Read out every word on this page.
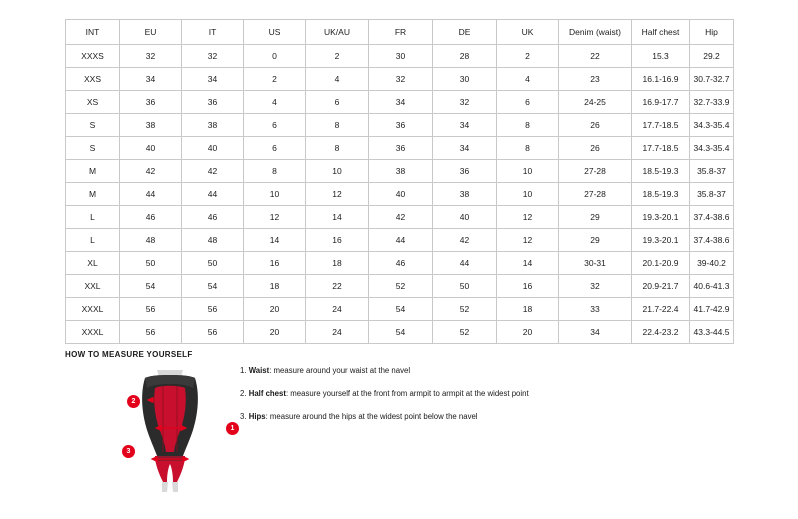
INT	EU	IT	US	UK/AU	FR	DE	UK	Denim (waist)	Half chest	Hip
XXXS	32	32	0	2	30	28	2	22	15.3	29.2
XXS	34	34	2	4	32	30	4	23	16.1-16.9	30.7-32.7
XS	36	36	4	6	34	32	6	24-25	16.9-17.7	32.7-33.9
S	38	38	6	8	36	34	8	26	17.7-18.5	34.3-35.4
S	40	40	6	8	36	34	8	26	17.7-18.5	34.3-35.4
M	42	42	8	10	38	36	10	27-28	18.5-19.3	35.8-37
M	44	44	10	12	40	38	10	27-28	18.5-19.3	35.8-37
L	46	46	12	14	42	40	12	29	19.3-20.1	37.4-38.6
L	48	48	14	16	44	42	12	29	19.3-20.1	37.4-38.6
XL	50	50	16	18	46	44	14	30-31	20.1-20.9	39-40.2
XXL	54	54	18	22	52	50	16	32	20.9-21.7	40.6-41.3
XXXL	56	56	20	24	54	52	18	33	21.7-22.4	41.7-42.9
XXXL	56	56	20	24	54	52	20	34	22.4-23.2	43.3-44.5
HOW TO MEASURE YOURSELF
1
2
3

1. Waist: measure around your waist at the navel

2. Half chest: measure yourself at the front from armpit to armpit at the widest point

3. Hips: measure around the hips at the widest point below the navel
